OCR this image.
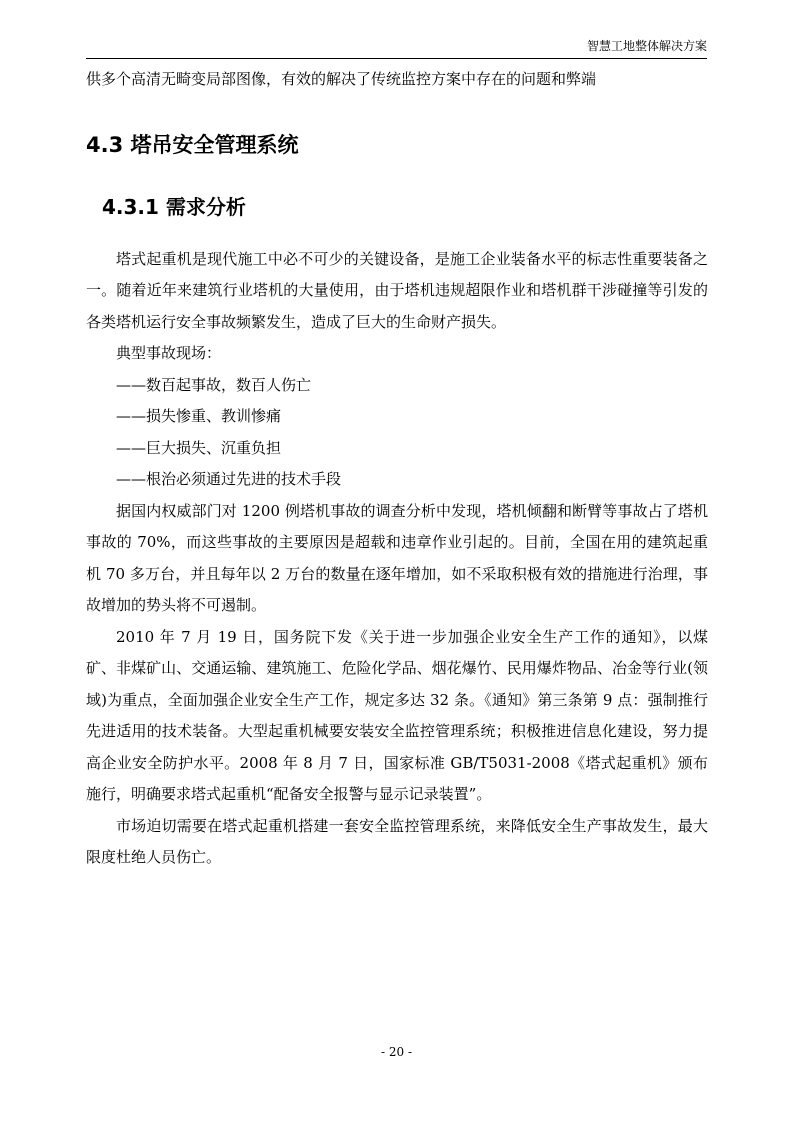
智慧工地整体解决方案

供多个高清无畸变局部图像，有效的解决了传统监控方案中存在的问题和弊端

4.3 塔吊安全管理系统
4.3.1 需求分析

塔式起重机是现代施工中必不可少的关键设备，是施工企业装备水平的标志性重要装备之一。随着近年来建筑行业塔机的大量使用，由于塔机违规超限作业和塔机群干涉碰撞等引发的各类塔机运行安全事故频繁发生，造成了巨大的生命财产损失。

典型事故现场：

——数百起事故，数百人伤亡

——损失惨重、教训惨痛

——巨大损失、沉重负担

——根治必须通过先进的技术手段

据国内权威部门对 1200 例塔机事故的调查分析中发现，塔机倾翻和断臂等事故占了塔机事故的 70%，而这些事故的主要原因是超载和违章作业引起的。目前，全国在用的建筑起重机 70 多万台，并且每年以 2 万台的数量在逐年增加，如不采取积极有效的措施进行治理，事故增加的势头将不可遏制。

2010 年 7 月 19 日，国务院下发《关于进一步加强企业安全生产工作的通知》，以煤矿、非煤矿山、交通运输、建筑施工、危险化学品、烟花爆竹、民用爆炸物品、冶金等行业(领域)为重点，全面加强企业安全生产工作，规定多达 32 条。《通知》第三条第 9 点：强制推行先进适用的技术装备。大型起重机械要安装安全监控管理系统；积极推进信息化建设，努力提高企业安全防护水平。2008 年 8 月 7 日，国家标准 GB/T5031-2008《塔式起重机》颁布施行，明确要求塔式起重机“配备安全报警与显示记录装置”。

市场迫切需要在塔式起重机搭建一套安全监控管理系统，来降低安全生产事故发生，最大限度杜绝人员伤亡。

- 20 -
